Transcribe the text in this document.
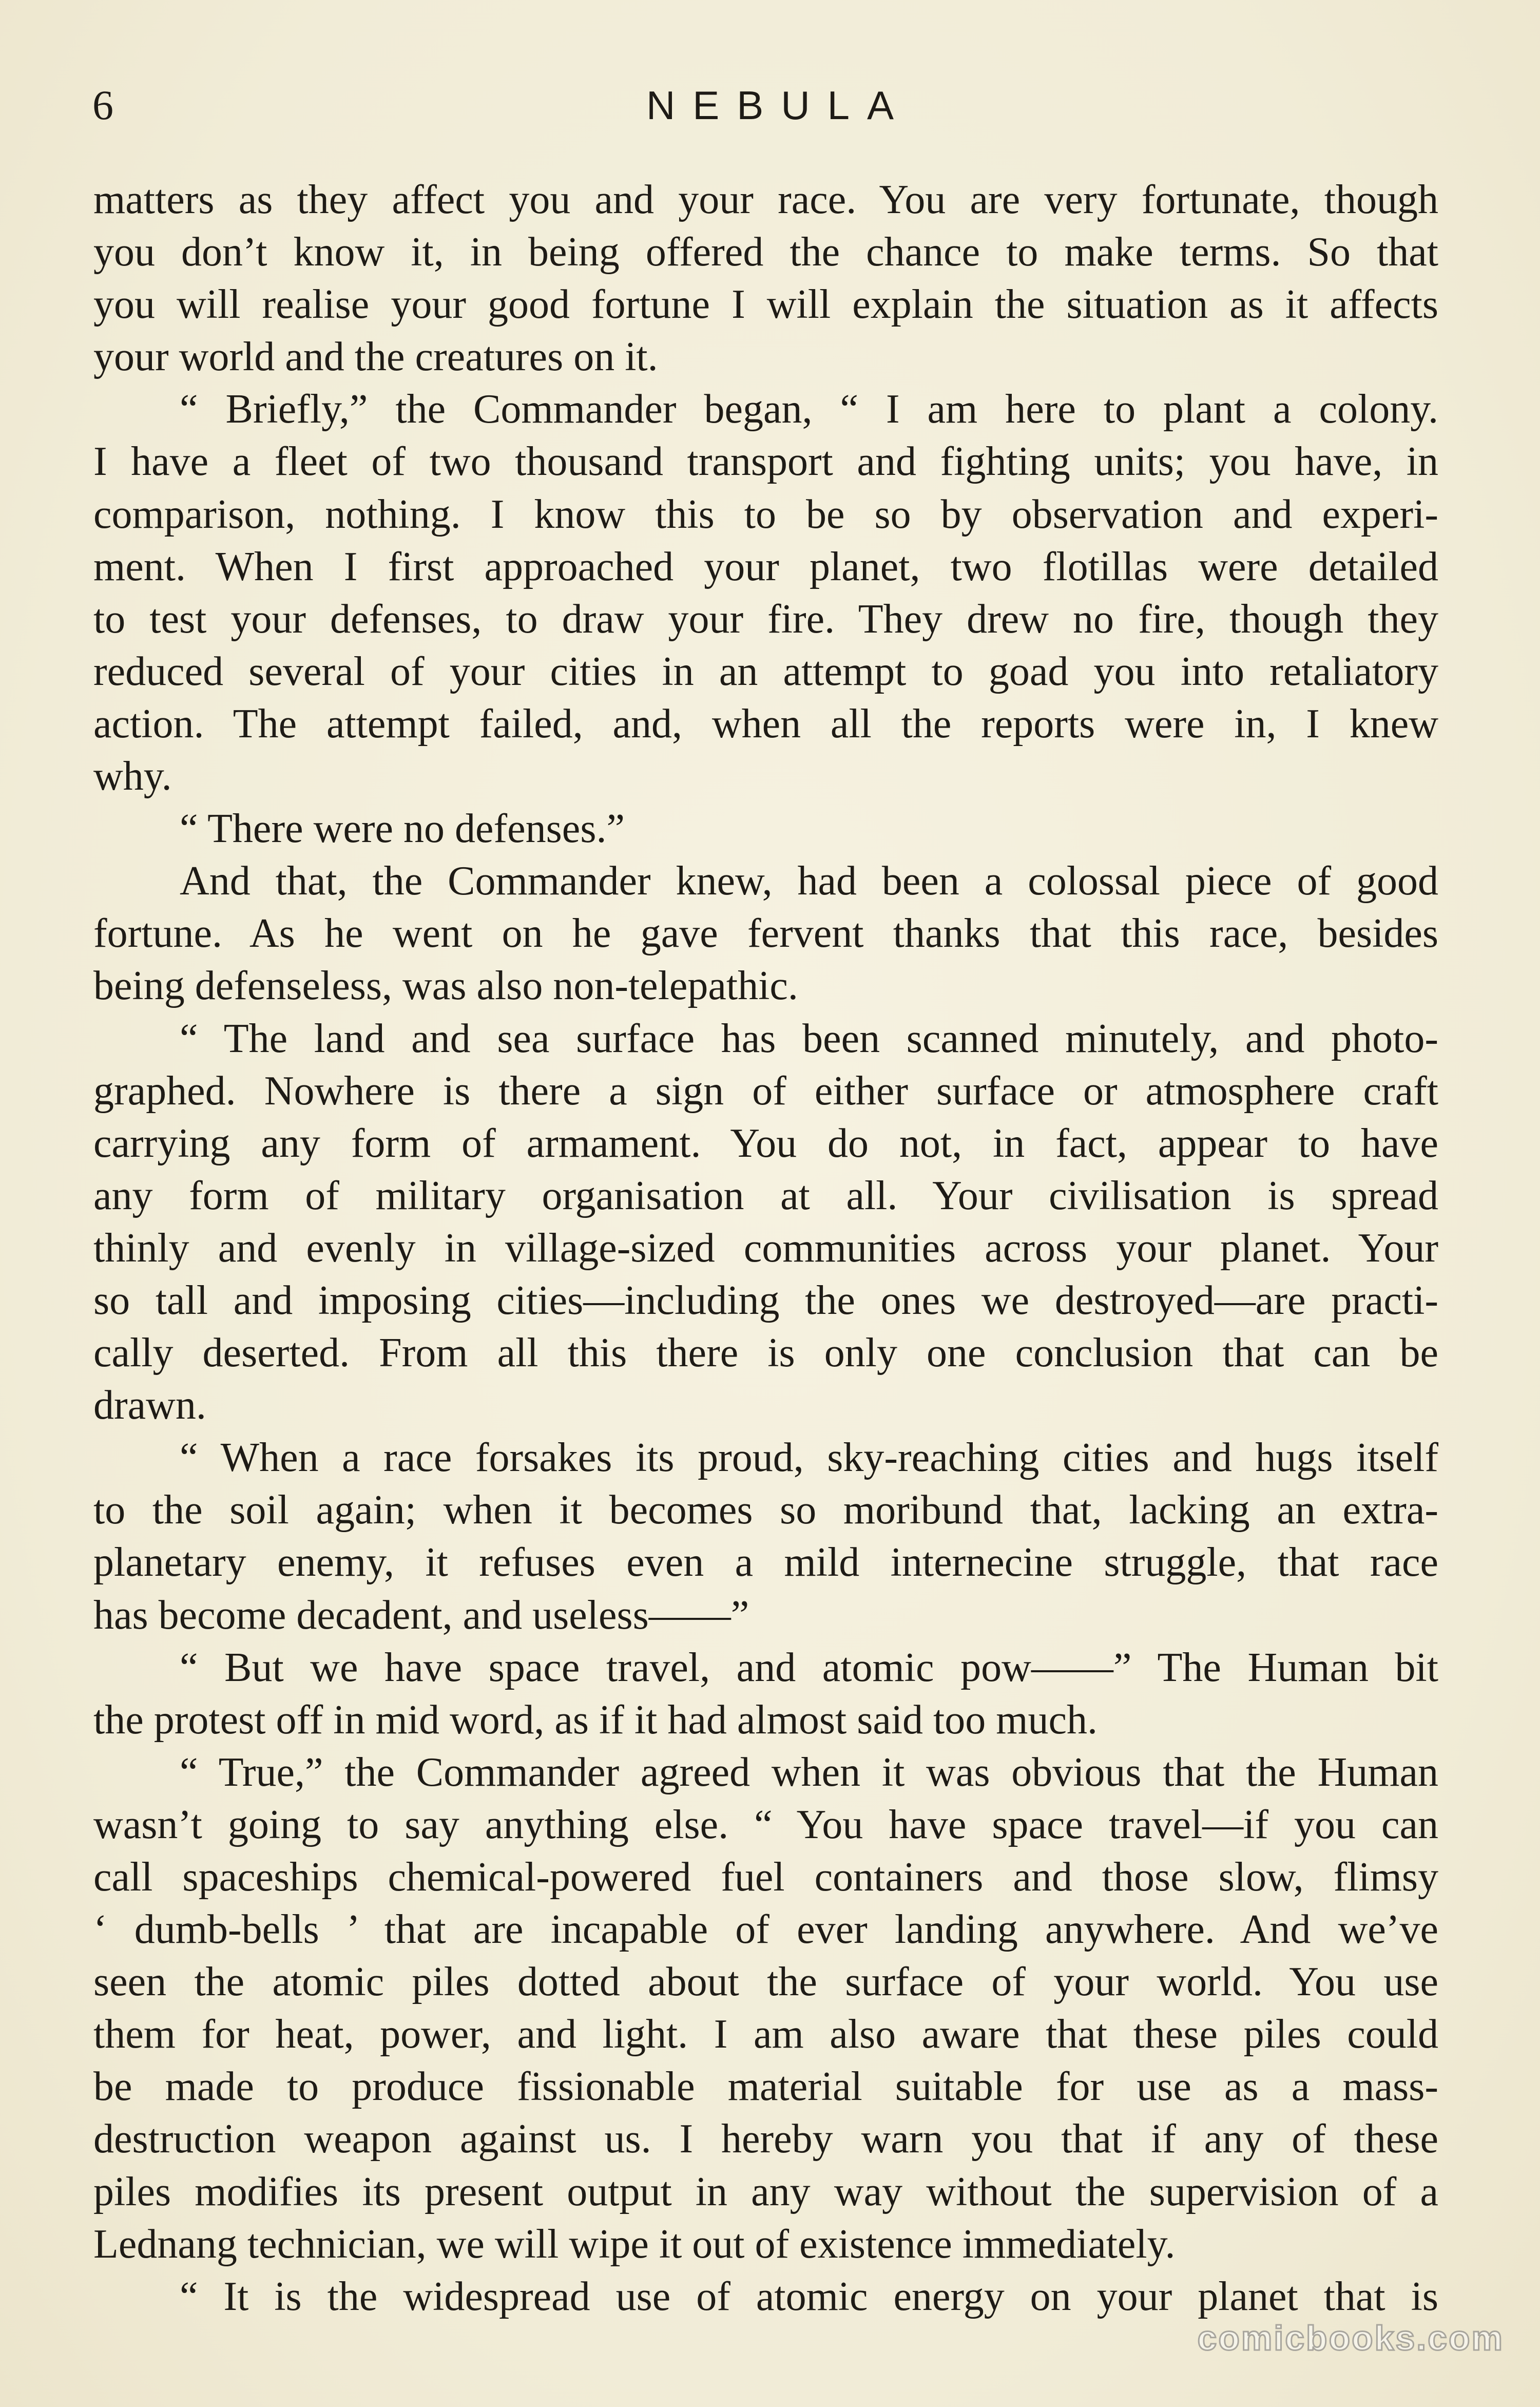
6	NEBULA
matters as they affect you and your race. You are very fortunate, though
you don’t know it, in being offered the chance to make terms. So that
you will realise your good fortune I will explain the situation as it affects
your world and the creatures on it.
“ Briefly,” the Commander began, “ I am here to plant a colony.
I have a fleet of two thousand transport and fighting units; you have, in
comparison, nothing. I know this to be so by observation and experi-
ment. When I first approached your planet, two flotillas were detailed
to test your defenses, to draw your fire. They drew no fire, though they
reduced several of your cities in an attempt to goad you into retaliatory
action. The attempt failed, and, when all the reports were in, I knew
why.
“ There were no defenses.”
And that, the Commander knew, had been a colossal piece of good
fortune. As he went on he gave fervent thanks that this race, besides
being defenseless, was also non-telepathic.
“ The land and sea surface has been scanned minutely, and photo-
graphed. Nowhere is there a sign of either surface or atmosphere craft
carrying any form of armament. You do not, in fact, appear to have
any form of military organisation at all. Your civilisation is spread
thinly and evenly in village-sized communities across your planet. Your
so tall and imposing cities—including the ones we destroyed—are practi-
cally deserted. From all this there is only one conclusion that can be
drawn.
“ When a race forsakes its proud, sky-reaching cities and hugs itself
to the soil again; when it becomes so moribund that, lacking an extra-
planetary enemy, it refuses even a mild internecine struggle, that race
has become decadent, and useless——”
“ But we have space travel, and atomic pow——” The Human bit
the protest off in mid word, as if it had almost said too much.
“ True,” the Commander agreed when it was obvious that the Human
wasn’t going to say anything else. “ You have space travel—if you can
call spaceships chemical-powered fuel containers and those slow, flimsy
‘ dumb-bells ’ that are incapable of ever landing anywhere. And we’ve
seen the atomic piles dotted about the surface of your world. You use
them for heat, power, and light. I am also aware that these piles could
be made to produce fissionable material suitable for use as a mass-
destruction weapon against us. I hereby warn you that if any of these
piles modifies its present output in any way without the supervision of a
Lednang technician, we will wipe it out of existence immediately.
“ It is the widespread use of atomic energy on your planet that is
comicbooks.com
